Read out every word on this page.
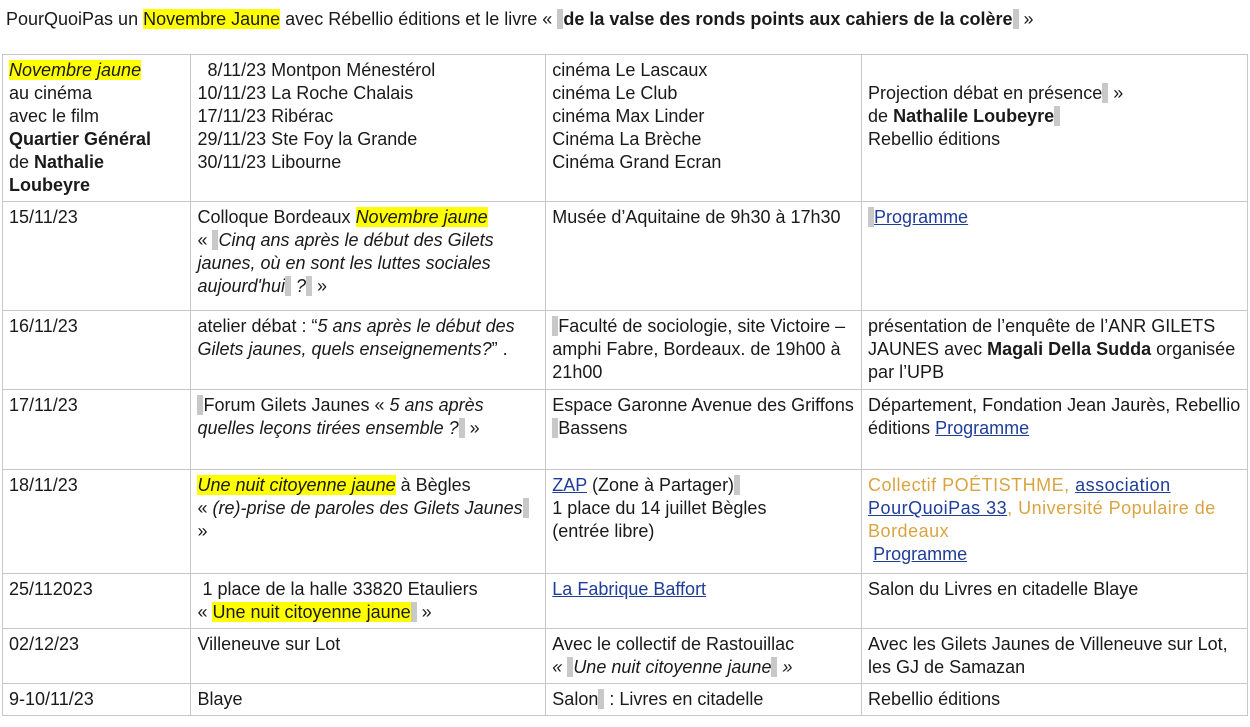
PourQuoiPas un Novembre Jaune avec Rébellio éditions et le livre « de la valse des ronds points aux cahiers de la colère »
Novembre jaune
au cinéma
avec le film
Quartier Général
de Nathalie Loubeyre	8/11/23 Montpon Ménestérol
10/11/23 La Roche Chalais
17/11/23 Ribérac
29/11/23 Ste Foy la Grande
30/11/23 Libourne	cinéma Le Lascaux
cinéma Le Club
cinéma Max Linder
Cinéma La Brèche
Cinéma Grand Ecran	Projection débat en présence »
de Nathalile Loubeyre
Rebellio éditions
15/11/23	Colloque Bordeaux Novembre jaune
« Cinq ans après le début des Gilets jaunes, où en sont les luttes sociales aujourd'hui ? »	Musée d’Aquitaine de 9h30 à 17h30	Programme
16/11/23	atelier débat : “5 ans après le début des Gilets jaunes, quels enseignements?” .	Faculté de sociologie, site Victoire – amphi Fabre, Bordeaux. de 19h00 à 21h00	présentation de l’enquête de l’ANR GILETS JAUNES avec Magali Della Sudda organisée par l’UPB
17/11/23	Forum Gilets Jaunes « 5 ans après quelles leçons tirées ensemble ? »	Espace Garonne Avenue des GriffonsBassens	Département, Fondation Jean Jaurès, Rebellio éditions Programme
18/11/23	Une nuit citoyenne jaune à Bègles
« (re)-prise de paroles des Gilets Jaunes »	ZAP (Zone à Partager)
1 place du 14 juillet Bègles
(entrée libre)	Collectif POÉTISTHME, association PourQuoiPas 33, Université Populaire de Bordeaux
Programme
25/112023	1 place de la halle 33820 Etauliers
« Une nuit citoyenne jaune »	La Fabrique Baffort	Salon du Livres en citadelle Blaye
02/12/23	Villeneuve sur Lot	Avec le collectif de Rastouillac
« Une nuit citoyenne jaune »	Avec les Gilets Jaunes de Villeneuve sur Lot, les GJ de Samazan
9-10/11/23	Blaye	Salon : Livres en citadelle	Rebellio éditions
